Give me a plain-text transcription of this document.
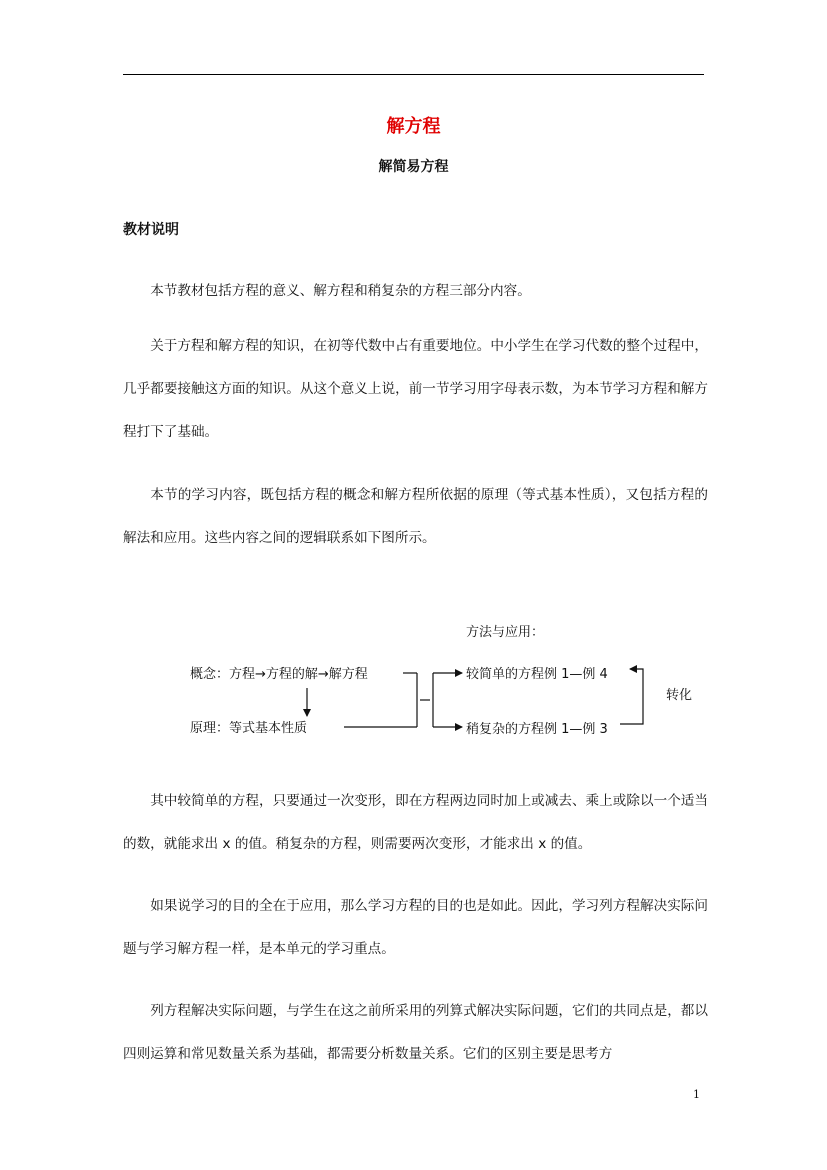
解方程
解简易方程
教材说明

本节教材包括方程的意义、解方程和稍复杂的方程三部分内容。

关于方程和解方程的知识，在初等代数中占有重要地位。中小学生在学习代数的整个过程中，几乎都要接触这方面的知识。从这个意义上说，前一节学习用字母表示数，为本节学习方程和解方程打下了基础。

本节的学习内容，既包括方程的概念和解方程所依据的原理（等式基本性质），又包括方程的解法和应用。这些内容之间的逻辑联系如下图所示。

方法与应用：
概念：方程→方程的解→解方程
原理：等式基本性质
较简单的方程例 1—例 4
稍复杂的方程例 1—例 3
转化

其中较简单的方程，只要通过一次变形，即在方程两边同时加上或减去、乘上或除以一个适当的数，就能求出 x 的值。稍复杂的方程，则需要两次变形，才能求出 x 的值。

如果说学习的目的全在于应用，那么学习方程的目的也是如此。因此，学习列方程解决实际问题与学习解方程一样，是本单元的学习重点。

列方程解决实际问题，与学生在这之前所采用的列算式解决实际问题，它们的共同点是，都以四则运算和常见数量关系为基础，都需要分析数量关系。它们的区别主要是思考方

1
